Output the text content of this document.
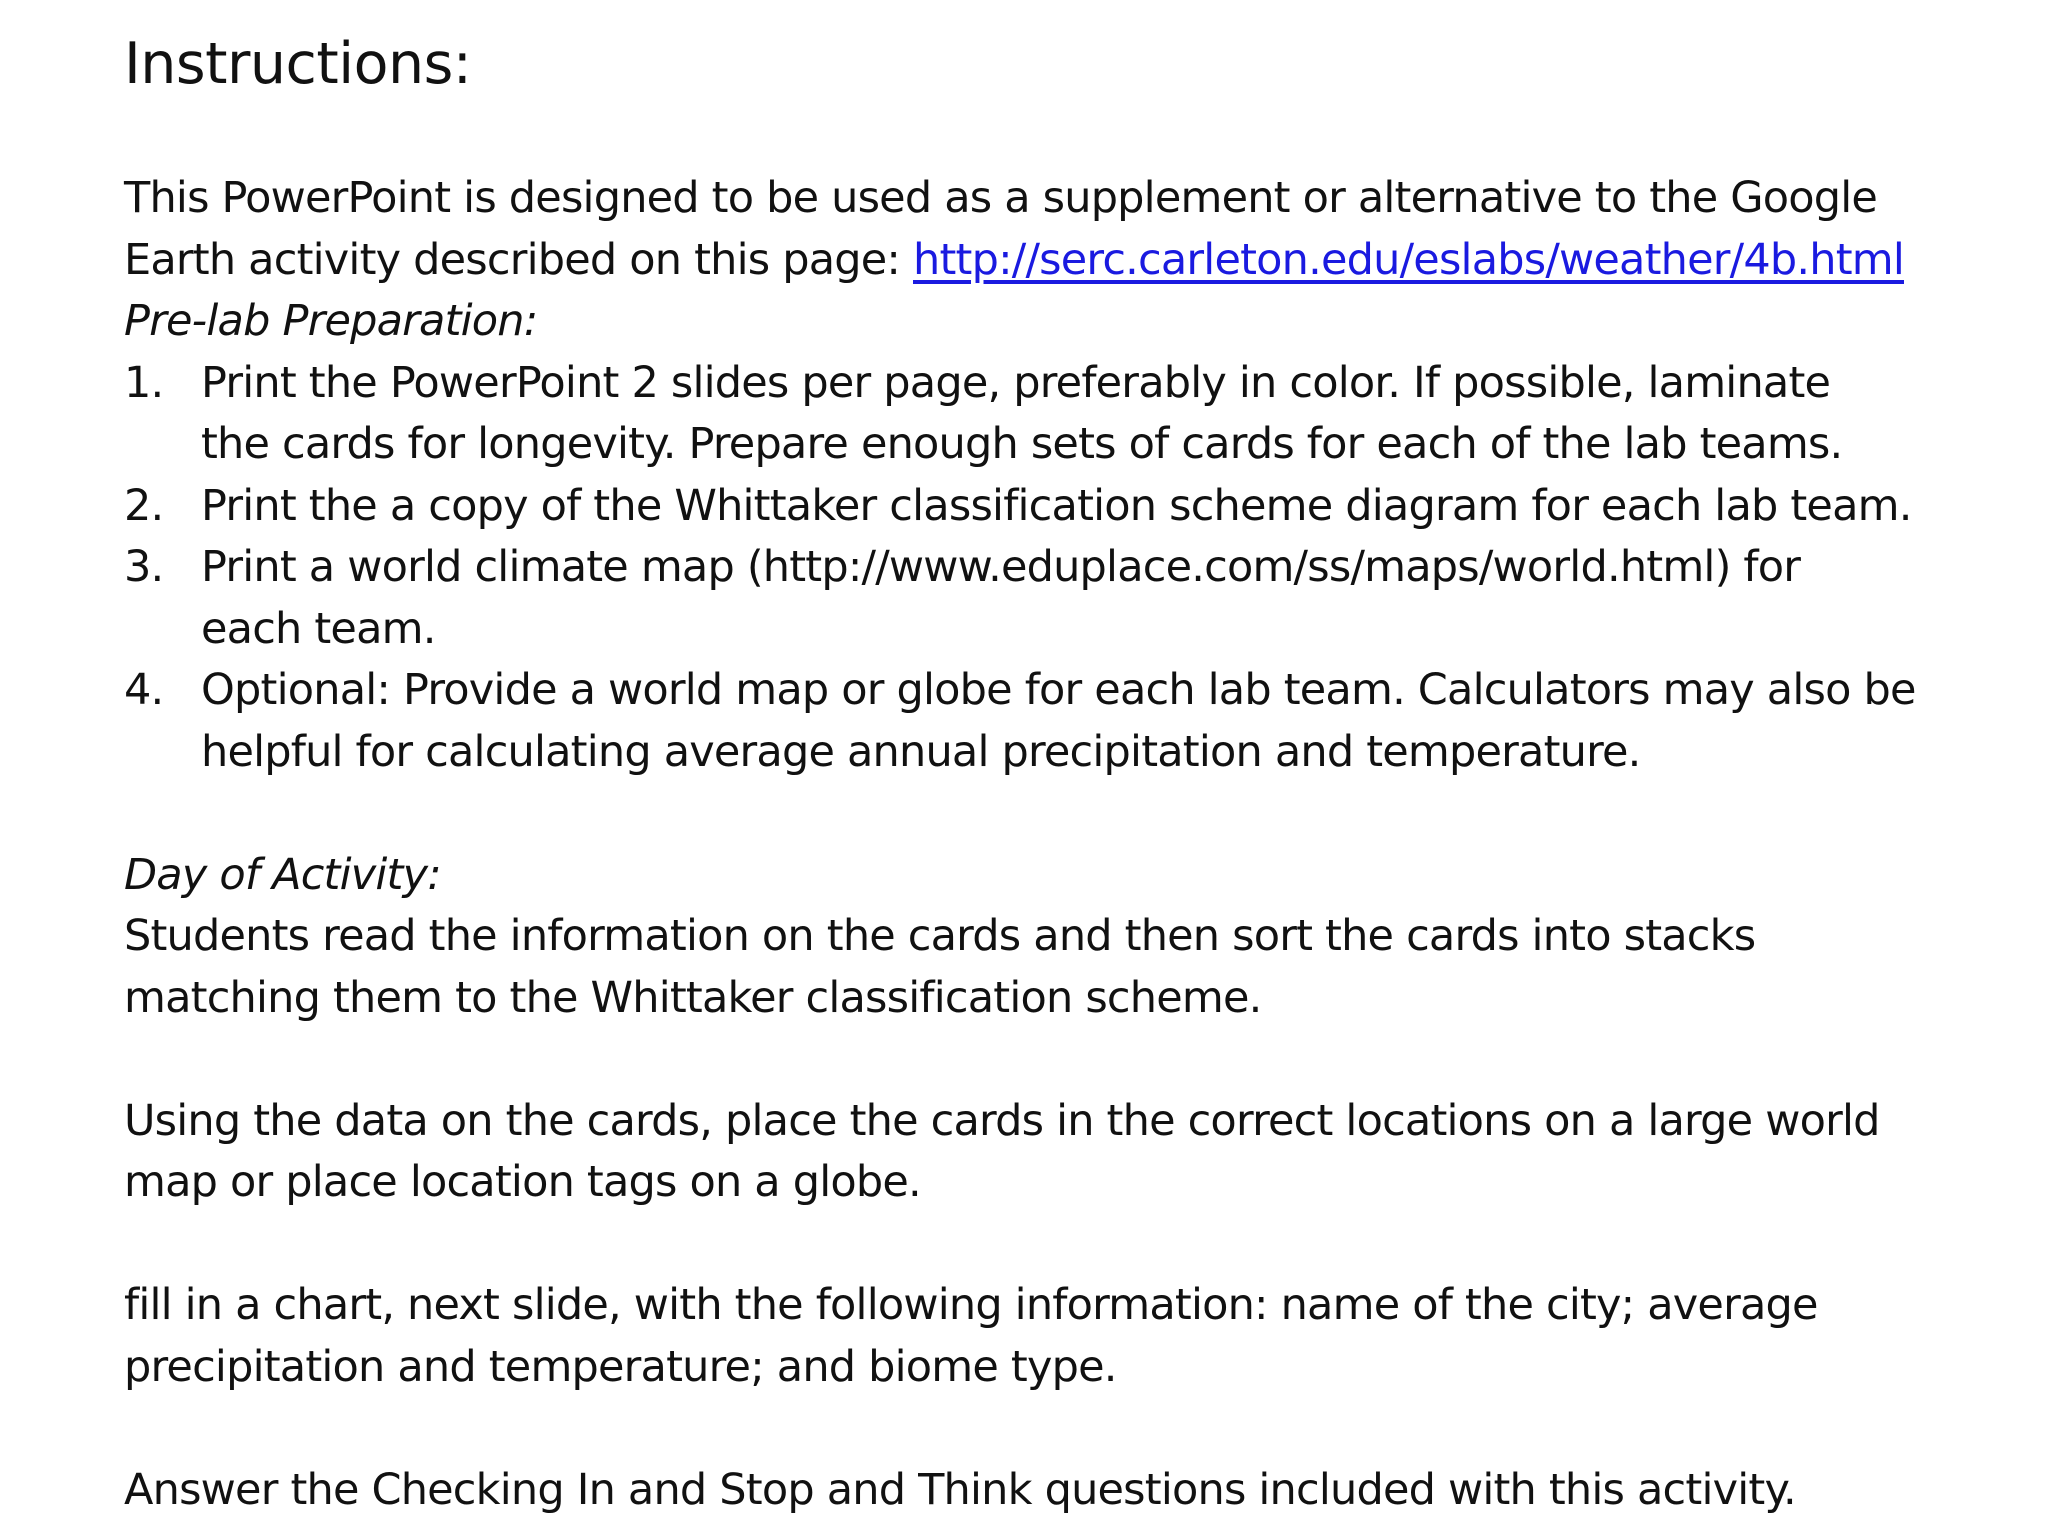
Instructions:
This PowerPoint is designed to be used as a supplement or alternative to the Google
Earth activity described on this page: http://serc.carleton.edu/eslabs/weather/4b.html
Pre-lab Preparation:
1. Print the PowerPoint 2 slides per page, preferably in color. If possible, laminate
the cards for longevity. Prepare enough sets of cards for each of the lab teams.
2. Print the a copy of the Whittaker classification scheme diagram for each lab team.
3. Print a world climate map (http://www.eduplace.com/ss/maps/world.html) for
each team.
4. Optional: Provide a world map or globe for each lab team. Calculators may also be
helpful for calculating average annual precipitation and temperature.
Day of Activity:
Students read the information on the cards and then sort the cards into stacks
matching them to the Whittaker classification scheme.
Using the data on the cards, place the cards in the correct locations on a large world
map or place location tags on a globe.
fill in a chart, next slide, with the following information: name of the city; average
precipitation and temperature; and biome type.
Answer the Checking In and Stop and Think questions included with this activity.
